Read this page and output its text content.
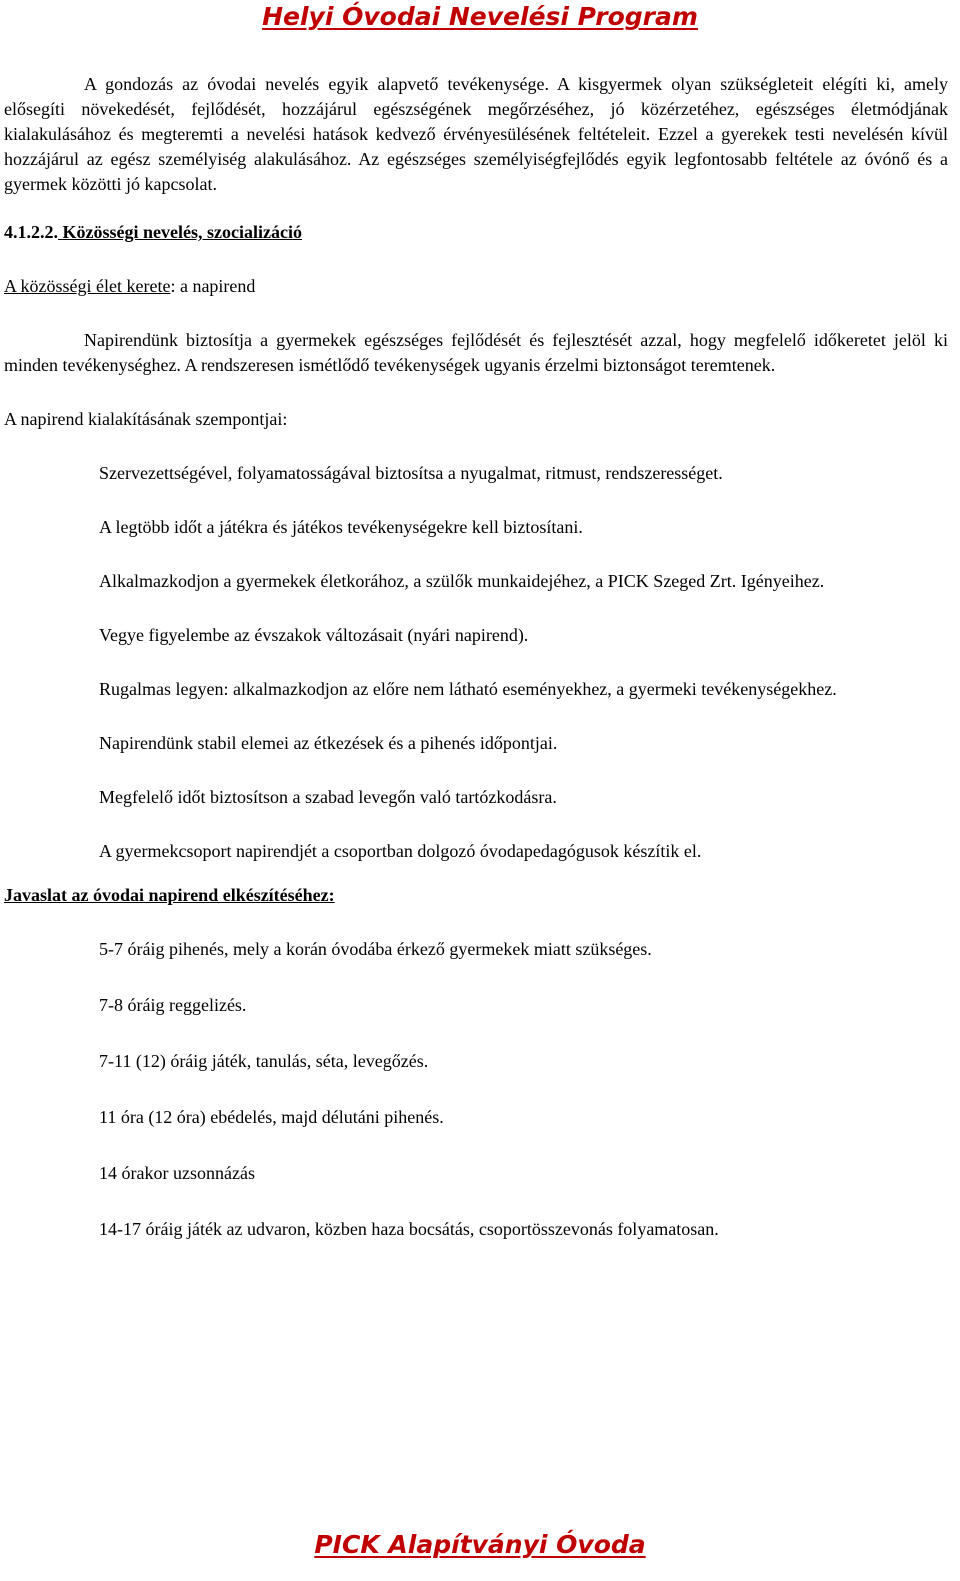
Helyi Óvodai Nevelési Program

A gondozás az óvodai nevelés egyik alapvető tevékenysége. A kisgyermek olyan szükségleteit elégíti ki, amely elősegíti növekedését, fejlődését, hozzájárul egészségének megőrzéséhez, jó közérzetéhez, egészséges életmódjának kialakulásához és megteremti a nevelési hatások kedvező érvényesülésének feltételeit. Ezzel a gyerekek testi nevelésén kívül hozzájárul az egész személyiség alakulásához. Az egészséges személyiségfejlődés egyik legfontosabb feltétele az óvónő és a gyermek közötti jó kapcsolat.

4.1.2.2. Közösségi nevelés, szocializáció

A közösségi élet kerete: a napirend

Napirendünk biztosítja a gyermekek egészséges fejlődését és fejlesztését azzal, hogy megfelelő időkeretet jelöl ki minden tevékenységhez. A rendszeresen ismétlődő tevékenységek ugyanis érzelmi biztonságot teremtenek.

A napirend kialakításának szempontjai:

Szervezettségével, folyamatosságával biztosítsa a nyugalmat, ritmust, rendszerességet.
A legtöbb időt a játékra és játékos tevékenységekre kell biztosítani.
Alkalmazkodjon a gyermekek életkorához, a szülők munkaidejéhez, a PICK Szeged Zrt. Igényeihez.
Vegye figyelembe az évszakok változásait (nyári napirend).
Rugalmas legyen: alkalmazkodjon az előre nem látható eseményekhez, a gyermeki tevékenységekhez.
Napirendünk stabil elemei az étkezések és a pihenés időpontjai.
Megfelelő időt biztosítson a szabad levegőn való tartózkodásra.
A gyermekcsoport napirendjét a csoportban dolgozó óvodapedagógusok készítik el.

Javaslat az óvodai napirend elkészítéséhez:

5-7 óráig pihenés, mely a korán óvodába érkező gyermekek miatt szükséges.
7-8 óráig reggelizés.
7-11 (12) óráig játék, tanulás, séta, levegőzés.
11 óra (12 óra) ebédelés, majd délutáni pihenés.
14 órakor uzsonnázás
14-17 óráig játék az udvaron, közben haza bocsátás, csoportösszevonás folyamatosan.
PICK Alapítványi Óvoda
